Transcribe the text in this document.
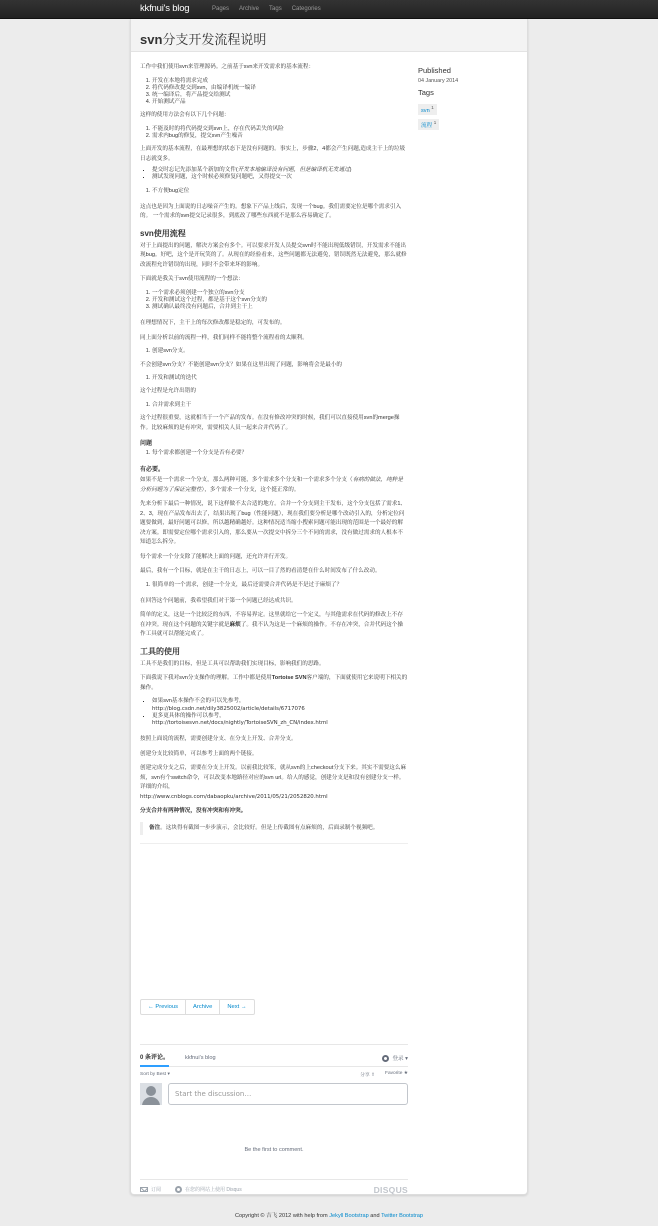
kkfnui's blog	Pages Archive Tags Categories
svn分支开发流程说明

工作中我们使用svn来管理源码。之前基于svn来开发需求的基本流程：

1. 开发在本地将需求完成
2. 将代码修改提交到svn，由编译机统一编译
3. 统一编译后，将产品提交给测试
4. 开始测试产品

这样的使用方法会有以下几个问题：

1. 不能及时的将代码提交到svn上，存在代码丢失的风险
2. 需求内bug的修复，提交svn产生噪音

上面开发的基本流程，在最理想的状态下是没有问题的。事实上，步骤2，4都会产生问题,造成主干上的垃圾日志就变多。

▪ 提交时忘记先添加某个新加的文件(开发本地编译没有问题，但是编译机无发通过)
▪ 测试发现问题，这个时候必须修复问题吧，又得提交一次
1. 不方便bug定位

这点也是因为上面说的日志噪音产生的。想象下产品上线后，发现一个bug。我们需要定位是哪个需求引入的。 一个需求的svn提交记录很多，到底改了哪些东西就不是那么容易确定了。

svn使用流程

对于上面提出的问题，解决方案会有多个。可以要求开发人员提交svn时不能出现低级错误，开发需求不能出现bug。好吧，这个是开玩笑的了。从现在的经验看来，这些问题都无法避免，错误既然无法避免，那么就修改流程允许错误的出现，同时不会带来坏的影响。

下面就是我关于svn使用流程的一个想法：

1. 一个需求必须创建一个独立的svn分支
2. 开发和测试这个过程，都是基于这个svn分支的
3. 测试确认最终没有问题后，合并到主干上

在理想情况下，主干上的每次修改都是稳定的，可发布的。

同上面分析以前的流程一样，我们同样不能将整个流程看的太顺利。

1. 创建svn分支。

不会创建svn分支？不能创建svn分支？如果在这里出现了问题，影响将会是最小的

1. 开发和测试的迭代

这个过程是允许出错的

1. 合并需求到主干

这个过程很重要，这就相当于一个产品的发布。在没有修改冲突的时候，我们可以直接使用svn的merge操作。比较麻烦的是有冲突，需要相关人员一起来合并代码了。

问题
1. 每个需求都创建一个分支是否有必要？
有必要。

如果不是一个需求一个分支，那么两种可能，多个需求多个分支和一个需求多个分支（有病的做法，纯粹是分析问题为了保证完整性），多个需求一个分支，这个挺正常的。

先来分析下最后一种情况，说下这样做不太合适的地方。合并一个分支到主干发布，这个分支包括了需求1、2、3，现在产品发布出去了，结果出现了bug（性能问题），现在我们要分析是哪个改动引入的，分析定位问题要做到，最好问题可以修，所以越精确越好。这种情况适当缩小搜索问题可能出现的范围是一个最好的解决方案。即需要定位哪个需求引入的，那么要从一次提交中拆分三个不同的需求，没有做过需求的人根本不知道怎么拆分。

每个需求一个分支除了能解决上面的问题，还允许并行开发。

最后，我有一个目标，就是在主干的日志上，可以一目了然的看清楚在什么时间发布了什么改动。

1. 很简单的一个需求，创建一个分支，最后还需要合并代码是不是过于麻烦了？

在回答这个问题前，我希望我们对于第一个问题已经达成共识。

简单的定义，这是一个比较泛的东西，不容易界定。这里就给它一个定义，与其他需求在代码的修改上不存在冲突。现在这个问题的关键字就是麻烦了。我不认为这是一个麻烦的操作。不存在冲突，合并代码这个操作工具就可以帮能完成了。

工具的使用

工具不是我们的目标，但是工具可以帮助我们实现目标，影响我们的思路。

下面我说下我对svn分支操作的理解。工作中都是使用Tortoise SVN客户端的，下面就使用它来说明下相关的操作。

▪ 如果svn基本操作不会的可以先参考，
http://blog.csdn.net/dily3825002/article/details/6717076
▪ 更多更具体的操作可以参考，
http://tortoisesvn.net/docs/nightly/TortoiseSVN_zh_CN/index.html

按照上面说的流程，需要创建分支、在分支上开发、合并分支。

创建分支比较简单，可以参考上面的两个链接。

创建完成分支之后，需要在分支上开发。以前我比较笨，就从svn的上checkout分支下来。其实不需要这么麻烦，svn有个switch命令，可以改变本地路径对应的svn url。给人的感觉，创建分支是和没有创建分支一样。详细的介绍，
http://www.cnblogs.com/dabaopku/archive/2011/05/21/2052820.html

分支合并有两种情况，没有冲突和有冲突。

备注。这块得有截图一步步演示，会比较好。但是上传截图有点麻烦的，后面录制个视频吧。
Published
04 January 2014
Tags
svn $^1$
流程 $^1$
← Previous	Archive	Next →
0 条评论。	kkfnui's blog	登录 ▾
Sort by Best ▾	分享 ⇪ Favorite ★
Start the discussion…
Be the first to comment.
订阅	在您的网站上使用 Disqus	DISQUS
Copyright © 吉飞 2012 with help from Jekyll Bootstrap and Twitter Bootstrap
